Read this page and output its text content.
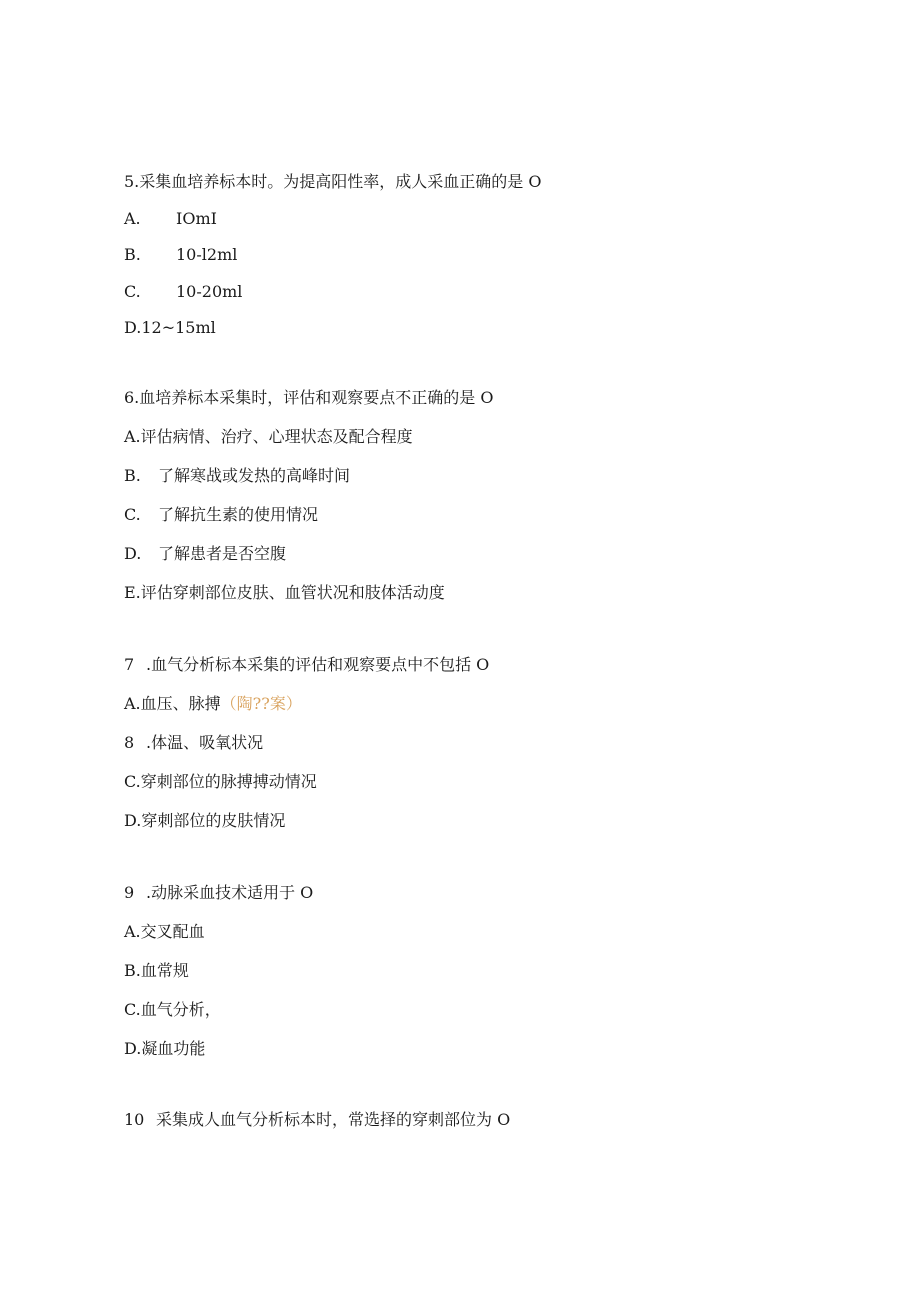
5.采集血培养标本时。为提高阳性率，成人采血正确的是 O
A. IOmI
B. 10-l2ml
C. 10-20ml
D.12~15ml
6.血培养标本采集时，评估和观察要点不正确的是 O
A.评估病情、治疗、心理状态及配合程度
B. 了解寒战或发热的高峰时间
C. 了解抗生素的使用情况
D. 了解患者是否空腹
E.评估穿刺部位皮肤、血管状况和肢体活动度
7 .血气分析标本采集的评估和观察要点中不包括 O
A.血压、脉搏（陶??案）
8 .体温、吸氧状况
C.穿刺部位的脉搏搏动情况
D.穿刺部位的皮肤情况
9 .动脉采血技术适用于 O
A.交叉配血
B.血常规
C.血气分析，
D.凝血功能
10 采集成人血气分析标本时，常选择的穿刺部位为 O
